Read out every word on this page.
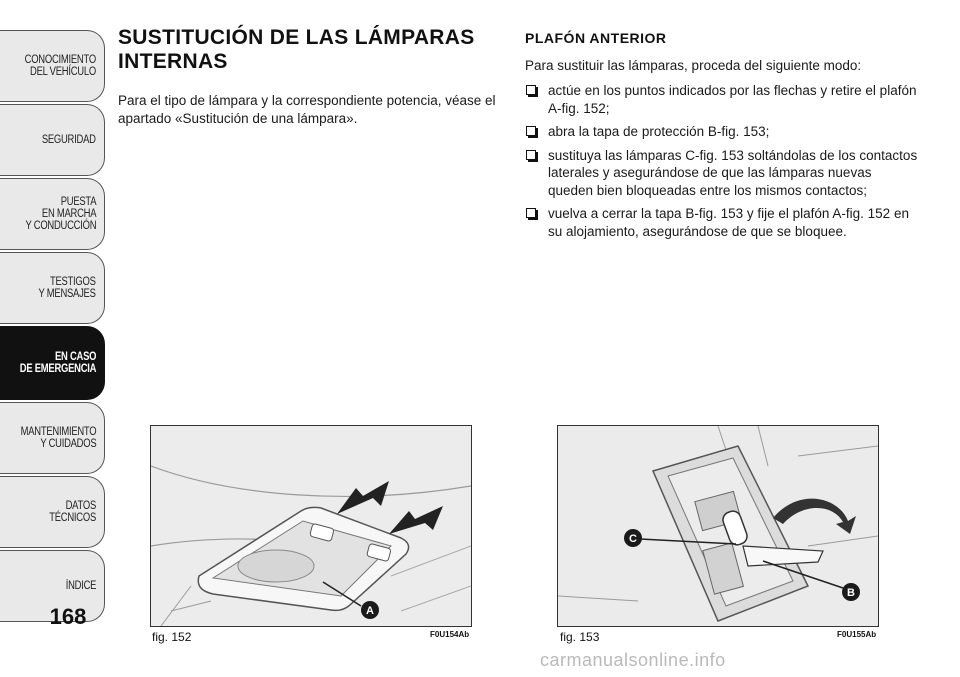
CONOCIMIENTO
DEL VEHÍCULO
SEGURIDAD
PUESTA
EN MARCHA
Y CONDUCCIÓN
TESTIGOS
Y MENSAJES
EN CASO
DE EMERGENCIA
MANTENIMIENTO
Y CUIDADOS
DATOS TÉCNICOS
ÍNDICE
168
SUSTITUCIÓN DE LAS LÁMPARAS INTERNAS

Para el tipo de lámpara y la correspondiente potencia, véase el apartado «Sustitución de una lámpara».

PLAFÓN ANTERIOR

Para sustituir las lámparas, proceda del siguiente modo:

actúe en los puntos indicados por las flechas y retire el plafón A-fig. 152;
abra la tapa de protección B-fig. 153;
sustituya las lámparas C-fig. 153 soltándolas de los contactos laterales y asegurándose de que las lámparas nuevas queden bien bloqueadas entre los mismos contactos;
vuelva a cerrar la tapa B-fig. 153 y fije el plafón A-fig. 152 en su alojamiento, asegurándose de que se bloquee.
A
fig. 152	F0U154Ab
C
B
fig. 153	F0U155Ab
carmanualsonline.info
